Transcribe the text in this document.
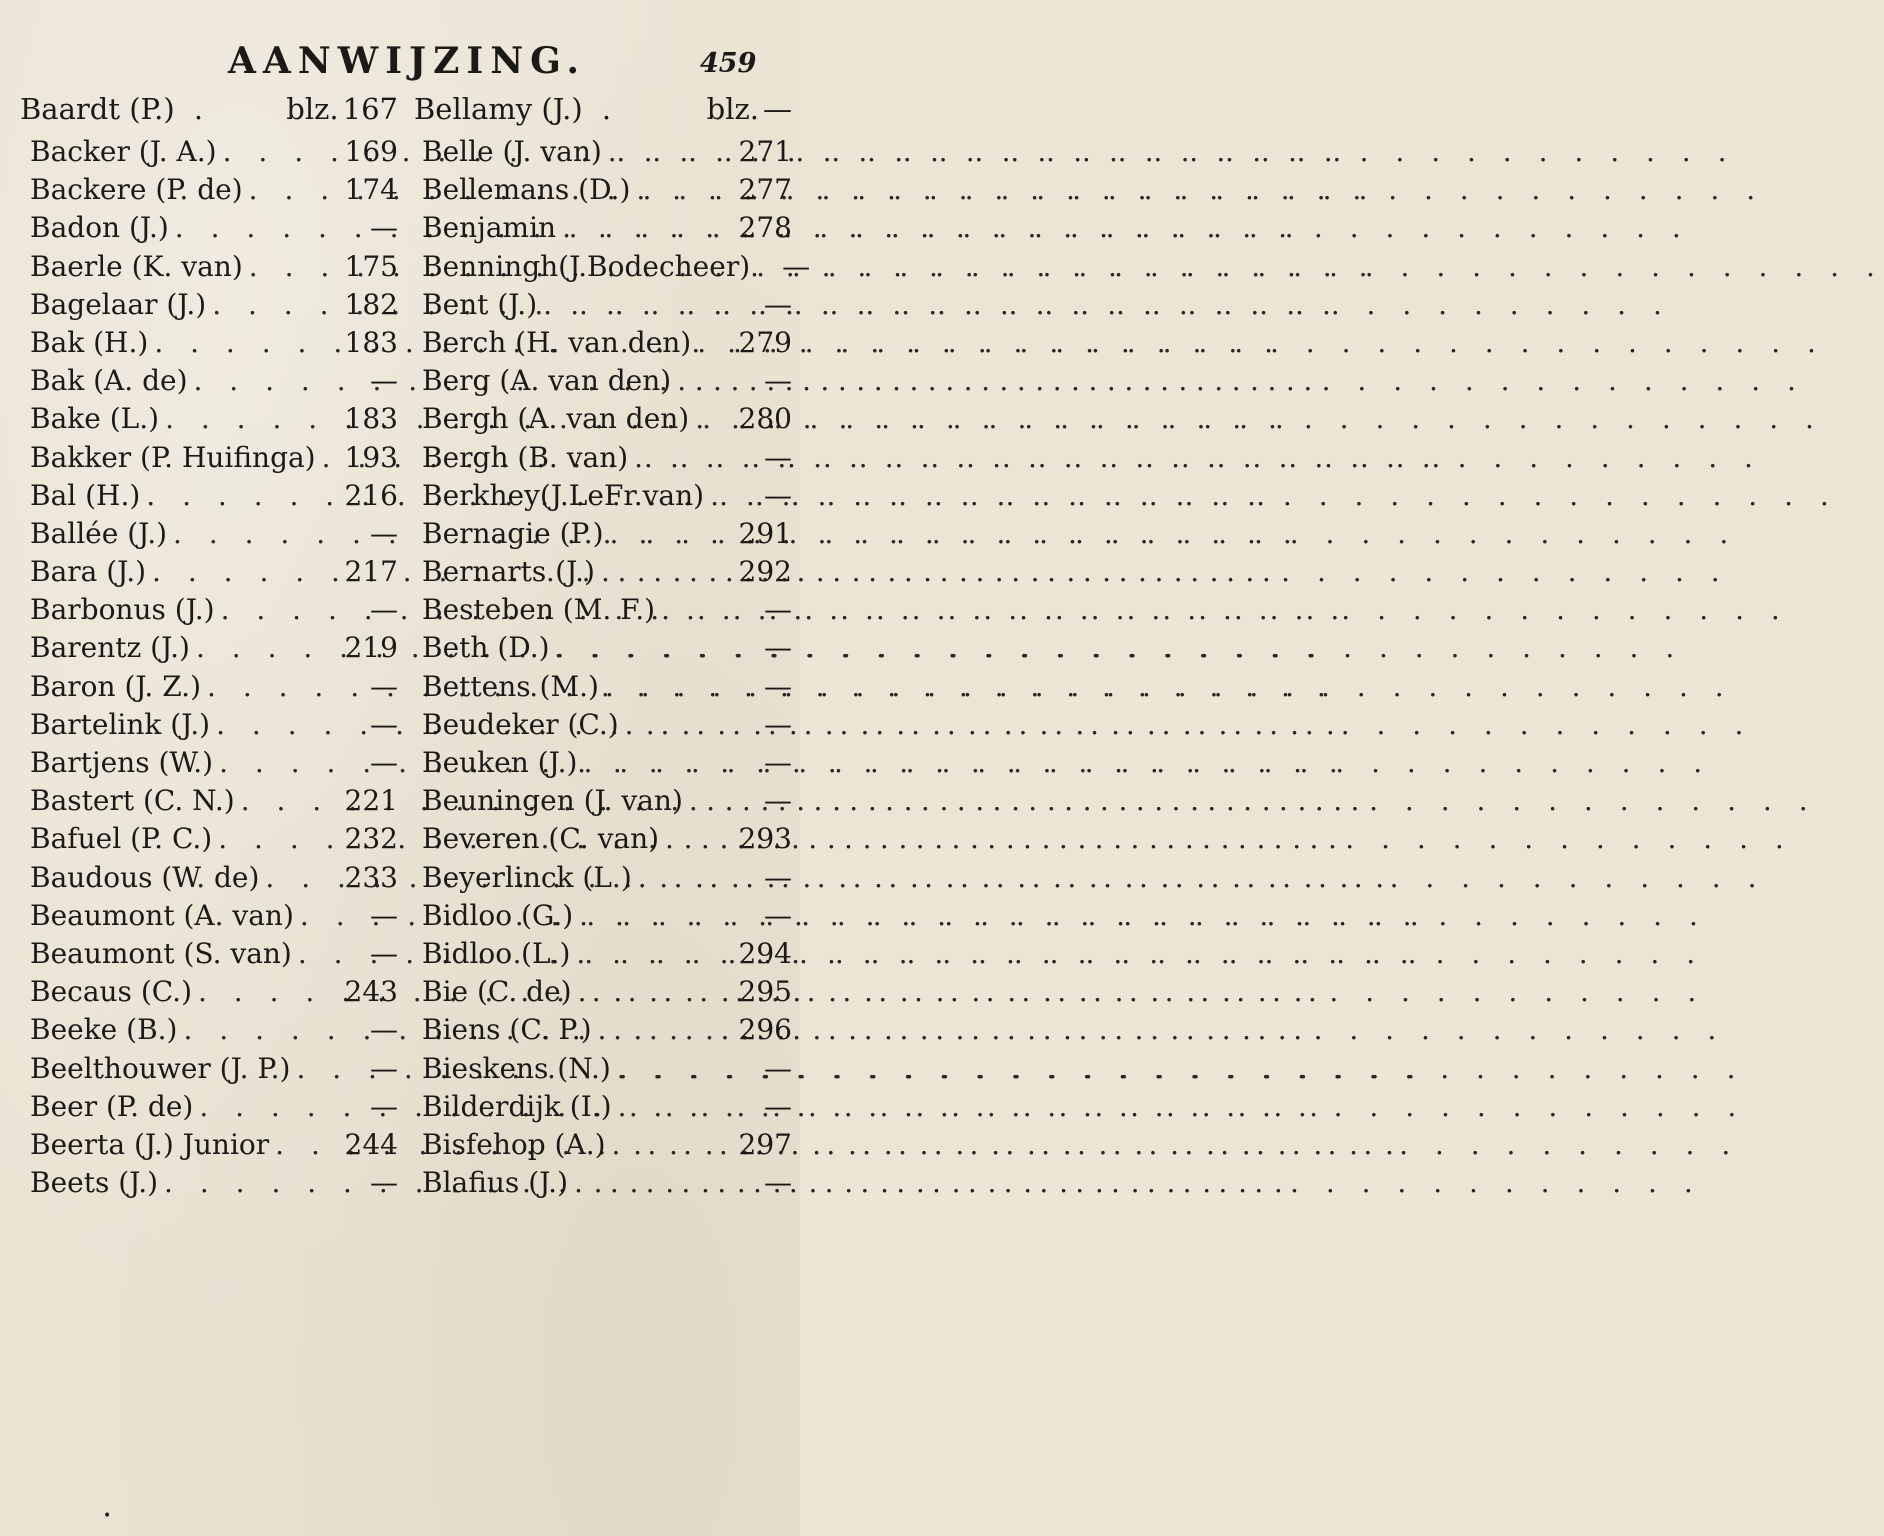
AANWIJZING.	459
Baardt (P.) .	blz. 167
Backer (J. A.) . . .	169
Backere (P. de) . . .	174
Badon (J.) . . .	—
Baerle (K. van) . . .	175
Bagelaar (J.) . . .	182
Bak (H.) . . .	183
Bak (A. de) . . .	—
Bake (L.) . . .	183
Bakker (P. Huifinga) . . . 193
Bal (H.) . . .	216
Ballée (J.) . . .	—
Bara (J.) . . .	217
Barbonus (J.) . . .	—
Barentz (J.) . . .	219
Baron (J. Z.) . . .	—
Bartelink (J.) . . .	—
Bartjens (W.) . . .	—
Bastert (C. N.) . . .	221
Bafuel (P. C.) . . .	232
Baudous (W. de) . . .	233
Beaumont (A. van) . . .	—
Beaumont (S. van) . . .	—
Becaus (C.) . . .	243
Beeke (B.) . . .	—
Beelthouwer (J. P.) . . .	—
Beer (P. de) . . .	—
Beerta (J.) Junior . . .	244
Beets (J.) . . .	—
Bellamy (J.) .	blz. —
Belle (J. van) . . .	271
Bellemans (D.) . . .	277
Benjamin . . .	278
Benningh(J.Bodecheer) . . .	—
Bent (J.) . . .	—
Berch (H. van den) . . . 279
Berg (A. van den) . . .	—
Bergh (A. van den) . . . 280
Bergh (B. van) . . .	—
Berkhey(J.LeFr.van) . . .	—
Bernagie (P.) . . .	291
Bernarts (J.) . . .	292
Besteben (M. F.) . . .	—
Beth (D.) . . .	—
Bettens (M.) . . .	—
Beudeker (C.) . . .	—
Beuken (J.) . . .	—
Beuningen (J. van) . . .	—
Beveren (C. van) . . .	293
Beyerlinck (L.) . . .	—
Bidloo (G.) . . .	—
Bidloo (L.) . . .	294
Bie (C. de) . . .	295
Biens (C. P.) . . .	296
Bieskens (N.) . . .	—
Bilderdijk (I.) . . .	—
Bisfehop (A.) . . .	297
Blafius (J.) . . .	—
•
